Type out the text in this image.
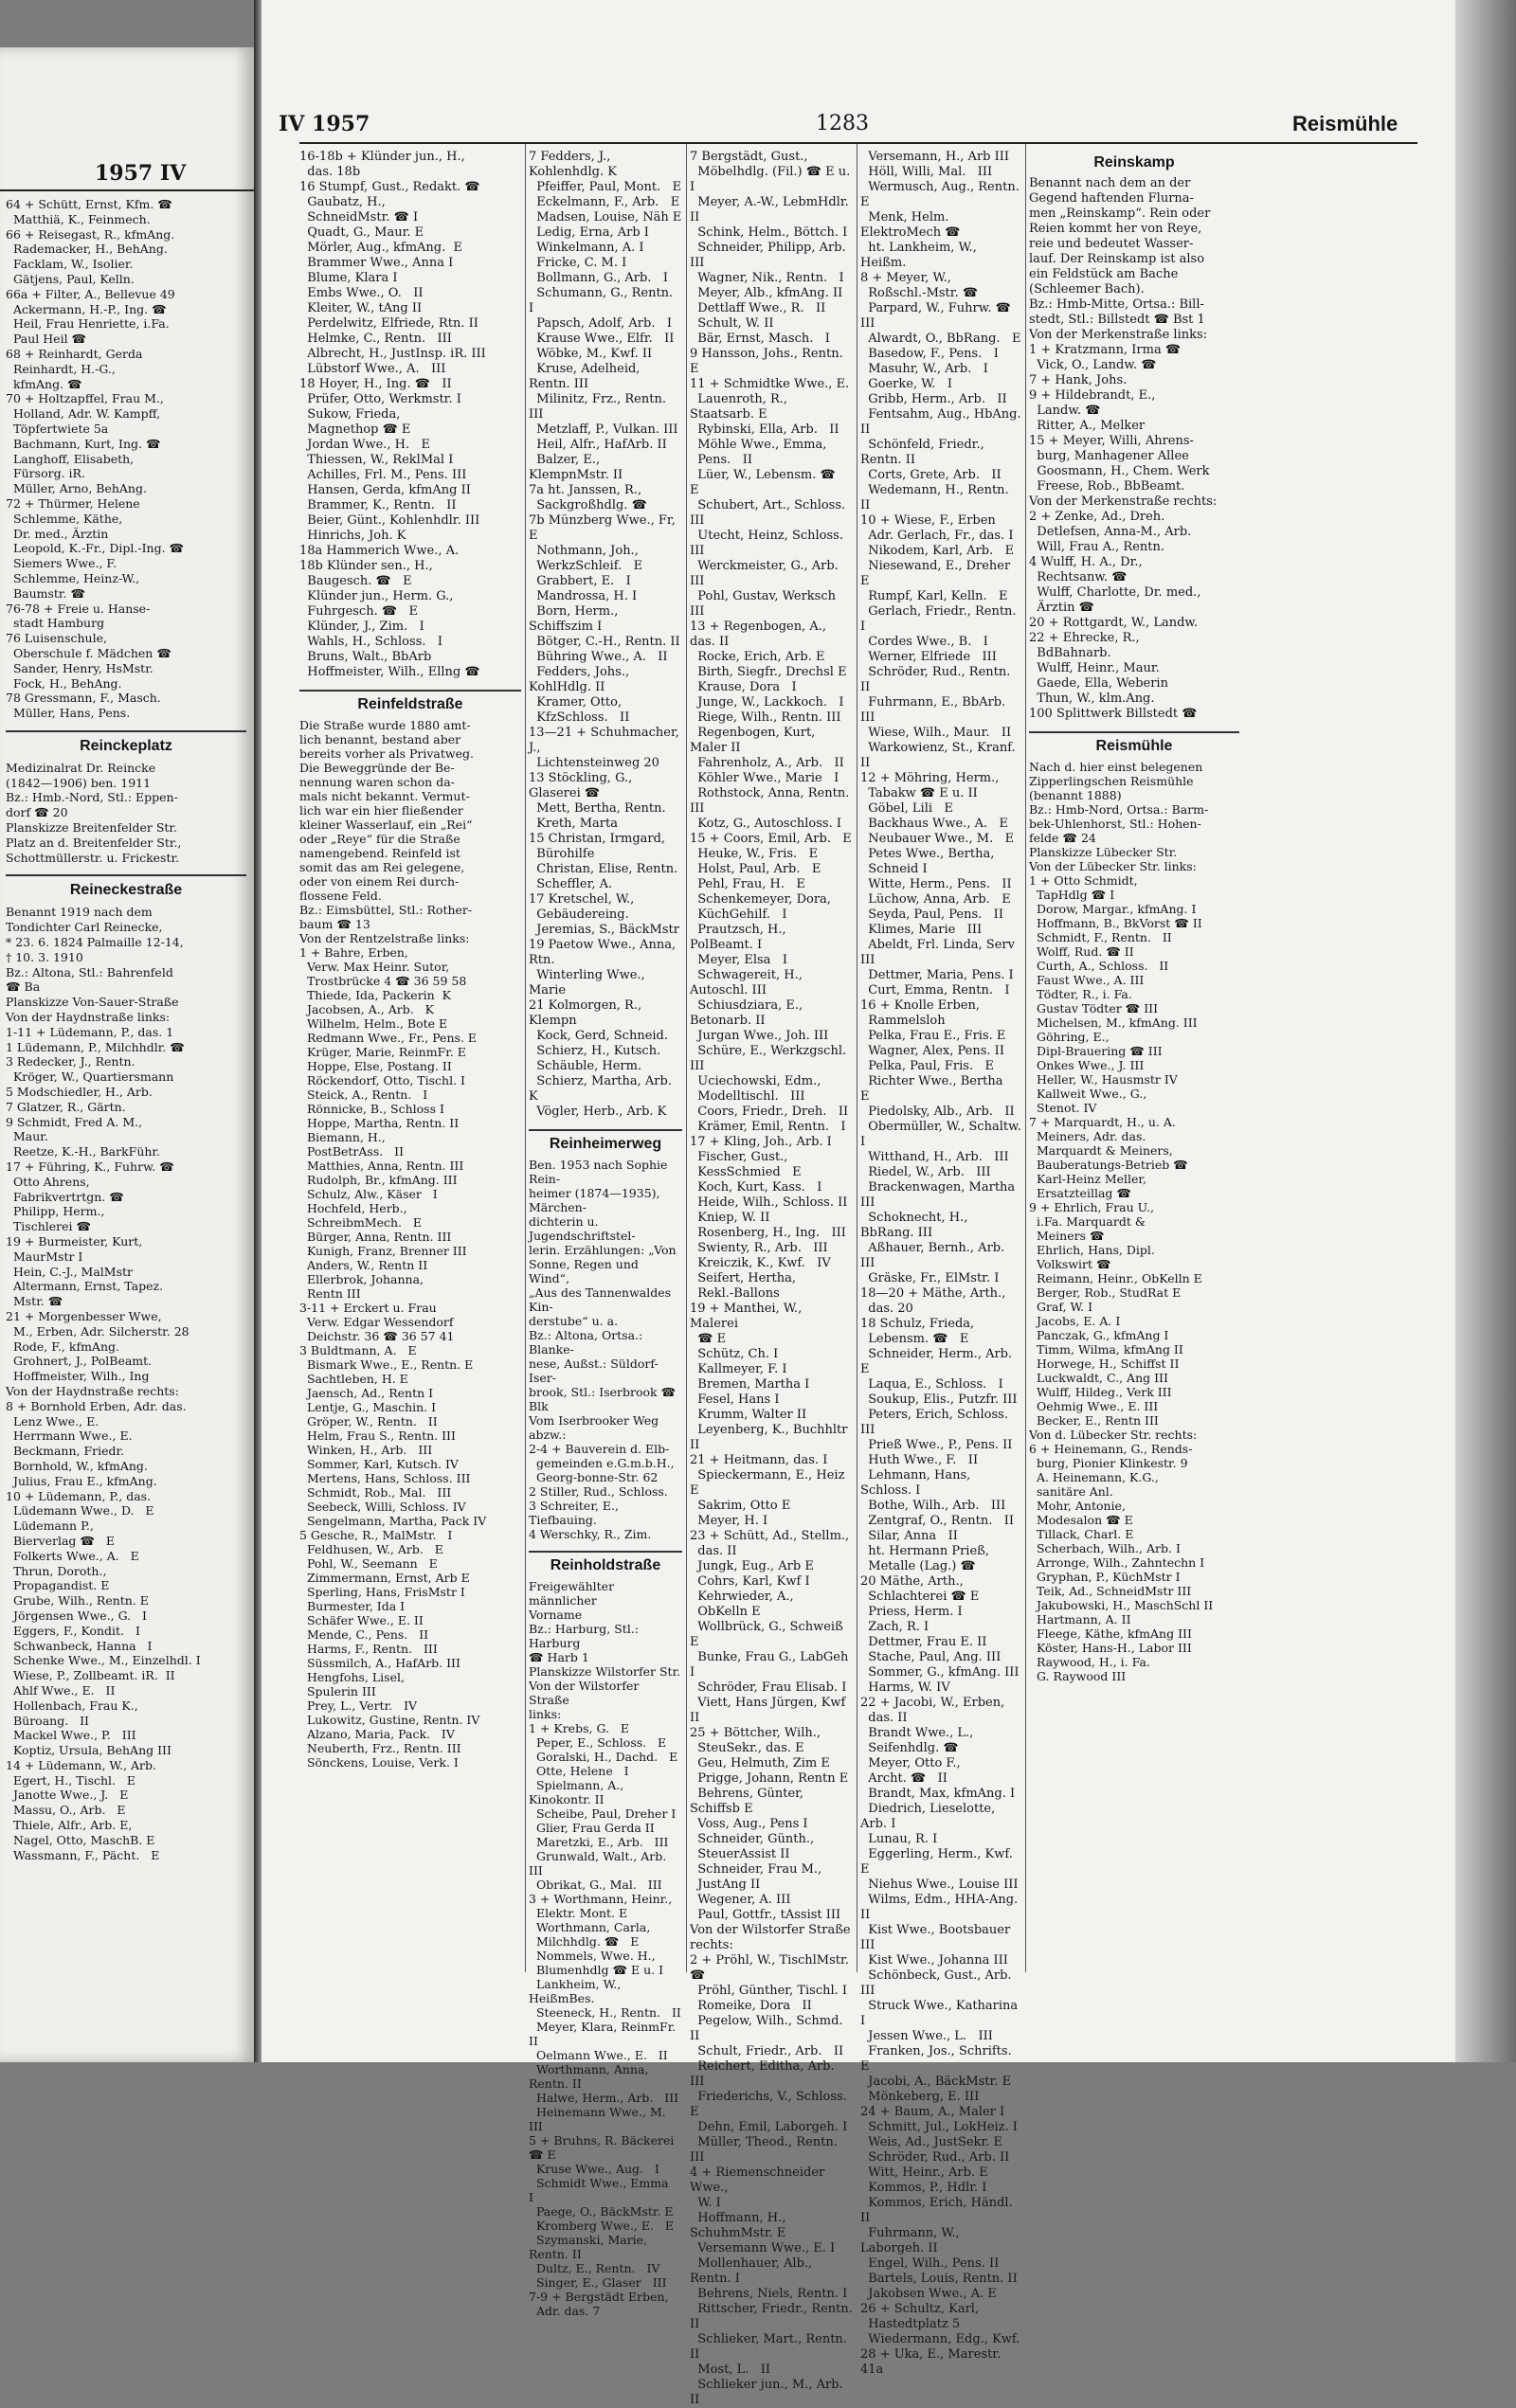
1957 IV
64 + Schütt, Ernst, Kfm. ☎
Matthiä, K., Feinmech.
66 + Reisegast, R., kfmAng.
Rademacker, H., BehAng.
Facklam, W., Isolier.
Gätjens, Paul, Kelln.
66a + Filter, A., Bellevue 49
Ackermann, H.-P., Ing. ☎
Heil, Frau Henriette, i.Fa.
Paul Heil ☎
68 + Reinhardt, Gerda
Reinhardt, H.-G.,
kfmAng. ☎
70 + Holtzapffel, Frau M.,
Holland, Adr. W. Kampff,
Töpfertwiete 5a
Bachmann, Kurt, Ing. ☎
Langhoff, Elisabeth,
Fürsorg. iR.
Müller, Arno, BehAng.
72 + Thürmer, Helene
Schlemme, Käthe,
Dr. med., Ärztin
Leopold, K.-Fr., Dipl.-Ing. ☎
Siemers Wwe., F.
Schlemme, Heinz-W.,
Baumstr. ☎
76-78 + Freie u. Hanse-
stadt Hamburg
76 Luisenschule,
Oberschule f. Mädchen ☎
Sander, Henry, HsMstr.
Fock, H., BehAng.
78 Gressmann, F., Masch.
Müller, Hans, Pens.
Reinckeplatz
Medizinalrat Dr. Reincke
(1842—1906) ben. 1911
Bz.: Hmb.-Nord, Stl.: Eppen-
dorf ☎ 20
Planskizze Breitenfelder Str.
Platz an d. Breitenfelder Str.,
Schottmüllerstr. u. Frickestr.
Reineckestraße
Benannt 1919 nach dem
Tondichter Carl Reinecke,
* 23. 6. 1824 Palmaille 12-14,
† 10. 3. 1910
Bz.: Altona, Stl.: Bahrenfeld
☎ Ba
Planskizze Von-Sauer-Straße
Von der Haydnstraße links:
1-11 + Lüdemann, P., das. 1
1 Lüdemann, P., Milchhdlr. ☎
3 Redecker, J., Rentn.
Kröger, W., Quartiersmann
5 Modschiedler, H., Arb.
7 Glatzer, R., Gärtn.
9 Schmidt, Fred A. M.,
Maur.
Reetze, K.-H., BarkFühr.
17 + Führing, K., Fuhrw. ☎
Otto Ahrens,
Fabrikvertrtgn. ☎
Philipp, Herm.,
Tischlerei ☎
19 + Burmeister, Kurt,
MaurMstr I
Hein, C.-J., MalMstr
Altermann, Ernst, Tapez.
Mstr. ☎
21 + Morgenbesser Wwe,
M., Erben, Adr. Silcherstr. 28
Rode, F., kfmAng.
Grohnert, J., PolBeamt.
Hoffmeister, Wilh., Ing
Von der Haydnstraße rechts:
8 + Bornhold Erben, Adr. das.
Lenz Wwe., E.
Herrmann Wwe., E.
Beckmann, Friedr.
Bornhold, W., kfmAng.
Julius, Frau E., kfmAng.
10 + Lüdemann, P., das.
Lüdemann Wwe., D.   E
Lüdemann P.,
Bierverlag ☎   E
Folkerts Wwe., A.   E
Thrun, Doroth.,
Propagandist. E
Grube, Wilh., Rentn. E
Jörgensen Wwe., G.   I
Eggers, F., Kondit.   I
Schwanbeck, Hanna   I
Schenke Wwe., M., Einzelhdl. I
Wiese, P., Zollbeamt. iR.  II
Ahlf Wwe., E.   II
Hollenbach, Frau K.,
Büroang.   II
Mackel Wwe., P.   III
Koptiz, Ursula, BehAng III
14 + Lüdemann, W., Arb.
Egert, H., Tischl.   E
Janotte Wwe., J.   E
Massu, O., Arb.   E
Thiele, Alfr., Arb. E,
Nagel, Otto, MaschB. E
Wassmann, F., Pächt.   E
IV 1957	1283	Reismühle
16-18b + Klünder jun., H.,
das. 18b
16 Stumpf, Gust., Redakt. ☎
Gaubatz, H.,
SchneidMstr. ☎ I
Quadt, G., Maur. E
Mörler, Aug., kfmAng.  E
Brammer Wwe., Anna I
Blume, Klara I
Embs Wwe., O.   II
Kleiter, W., tAng II
Perdelwitz, Elfriede, Rtn. II
Helmke, C., Rentn.   III
Albrecht, H., JustInsp. iR. III
Lübstorf Wwe., A.   III
18 Hoyer, H., Ing. ☎   II
Prüfer, Otto, Werkmstr. I
Sukow, Frieda,
Magnethop ☎ E
Jordan Wwe., H.   E
Thiessen, W., ReklMal I
Achilles, Frl. M., Pens. III
Hansen, Gerda, kfmAng II
Brammer, K., Rentn.   II
Beier, Günt., Kohlenhdlr. III
Hinrichs, Joh. K
18a Hammerich Wwe., A.
18b Klünder sen., H.,
Baugesch. ☎   E
Klünder jun., Herm. G.,
Fuhrgesch. ☎   E
Klünder, J., Zim.   I
Wahls, H., Schloss.   I
Bruns, Walt., BbArb
Hoffmeister, Wilh., Ellng ☎
Reinfeldstraße
Die Straße wurde 1880 amt-
lich benannt, bestand aber
bereits vorher als Privatweg.
Die Beweggründe der Be-
nennung waren schon da-
mals nicht bekannt. Vermut-
lich war ein hier fließender
kleiner Wasserlauf, ein „Rei“
oder „Reye“ für die Straße
namengebend. Reinfeld ist
somit das am Rei gelegene,
oder von einem Rei durch-
flossene Feld.
Bz.: Eimsbüttel, Stl.: Rother-
baum ☎ 13
Von der Rentzelstraße links:
1 + Bahre, Erben,
Verw. Max Heinr. Sutor,
Trostbrücke 4 ☎ 36 59 58
Thiede, Ida, Packerin  K
Jacobsen, A., Arb.   K
Wilhelm, Helm., Bote E
Redmann Wwe., Fr., Pens. E
Krüger, Marie, ReinmFr. E
Hoppe, Else, Postang. II
Röckendorf, Otto, Tischl. I
Steick, A., Rentn.   I
Rönnicke, B., Schloss I
Hoppe, Martha, Rentn. II
Biemann, H.,
PostBetrAss.   II
Matthies, Anna, Rentn. III
Rudolph, Br., kfmAng. III
Schulz, Alw., Käser   I
Hochfeld, Herb.,
SchreibmMech.   E
Bürger, Anna, Rentn. III
Kunigh, Franz, Brenner III
Anders, W., Rentn II
Ellerbrok, Johanna,
Rentn III
3-11 + Erckert u. Frau
Verw. Edgar Wessendorf
Deichstr. 36 ☎ 36 57 41
3 Buldtmann, A.   E
Bismark Wwe., E., Rentn. E
Sachtleben, H. E
Jaensch, Ad., Rentn I
Lentje, G., Maschin. I
Gröper, W., Rentn.   II
Helm, Frau S., Rentn. III
Winken, H., Arb.   III
Sommer, Karl, Kutsch. IV
Mertens, Hans, Schloss. III
Schmidt, Rob., Mal.   III
Seebeck, Willi, Schloss. IV
Sengelmann, Martha, Pack IV
5 Gesche, R., MalMstr.   I
Feldhusen, W., Arb.   E
Pohl, W., Seemann   E
Zimmermann, Ernst, Arb E
Sperling, Hans, FrisMstr I
Burmester, Ida I
Schäfer Wwe., E. II
Mende, C., Pens.   II
Harms, F., Rentn.   III
Süssmilch, A., HafArb. III
Hengfohs, Lisel,
Spulerin III
Prey, L., Vertr.   IV
Lukowitz, Gustine, Rentn. IV
Alzano, Maria, Pack.   IV
Neuberth, Frz., Rentn. III
Sönckens, Louise, Verk. I
7 Fedders, J., Kohlenhdlg. K
Pfeiffer, Paul, Mont.   E
Eckelmann, F., Arb.   E
Madsen, Louise, Näh E
Ledig, Erna, Arb I
Winkelmann, A. I
Fricke, C. M. I
Bollmann, G., Arb.   I
Schumann, G., Rentn.   I
Papsch, Adolf, Arb.   I
Krause Wwe., Elfr.   II
Wöbke, M., Kwf. II
Kruse, Adelheid, Rentn. III
Milinitz, Frz., Rentn. III
Metzlaff, P., Vulkan. III
Heil, Alfr., HafArb. II
Balzer, E., KlempnMstr. II
7a ht. Janssen, R.,
Sackgroßhdlg. ☎
7b Münzberg Wwe., Fr, E
Nothmann, Joh.,
WerkzSchleif.   E
Grabbert, E.   I
Mandrossa, H. I
Born, Herm., Schiffszim I
Bötger, C.-H., Rentn. II
Bühring Wwe., A.   II
Fedders, Johs., KohlHdlg. II
Kramer, Otto,
KfzSchloss.   II
13—21 + Schuhmacher, J.,
Lichtensteinweg 20
13 Stöckling, G., Glaserei ☎
Mett, Bertha, Rentn.
Kreth, Marta
15 Christan, Irmgard,
Bürohilfe
Christan, Elise, Rentn.
Scheffler, A.
17 Kretschel, W.,
Gebäudereing.
Jeremias, S., BäckMstr
19 Paetow Wwe., Anna, Rtn.
Winterling Wwe., Marie
21 Kolmorgen, R., Klempn
Kock, Gerd, Schneid.
Schierz, H., Kutsch.
Schäuble, Herm.
Schierz, Martha, Arb. K
Vögler, Herb., Arb. K
Reinheimerweg
Ben. 1953 nach Sophie Rein-
heimer (1874—1935), Märchen-
dichterin u. Jugendschriftstel-
lerin. Erzählungen: „Von
Sonne, Regen und Wind“,
„Aus des Tannenwaldes Kin-
derstube“ u. a.
Bz.: Altona, Ortsa.: Blanke-
nese, Außst.: Süldorf-Iser-
brook, Stl.: Iserbrook ☎ Blk
Vom Iserbrooker Weg abzw.:
2-4 + Bauverein d. Elb-
gemeinden e.G.m.b.H.,
Georg-bonne-Str. 62
2 Stiller, Rud., Schloss.
3 Schreiter, E., Tiefbauing.
4 Werschky, R., Zim.
Reinholdstraße
Freigewählter männlicher
Vorname
Bz.: Harburg, Stl.: Harburg
☎ Harb 1
Planskizze Wilstorfer Str.
Von der Wilstorfer Straße
links:
1 + Krebs, G.   E
Peper, E., Schloss.   E
Goralski, H., Dachd.   E
Otte, Helene   I
Spielmann, A., Kinokontr. II
Scheibe, Paul, Dreher I
Glier, Frau Gerda II
Maretzki, E., Arb.   III
Grunwald, Walt., Arb. III
Obrikat, G., Mal.   III
3 + Worthmann, Heinr.,
Elektr. Mont. E
Worthmann, Carla,
Milchhdlg. ☎   E
Nommels, Wwe. H.,
Blumenhdlg ☎ E u. I
Lankheim, W., HeißmBes.
Steeneck, H., Rentn.   II
Meyer, Klara, ReinmFr. II
Oelmann Wwe., E.   II
Worthmann, Anna, Rentn. II
Halwe, Herm., Arb.   III
Heinemann Wwe., M. III
5 + Bruhns, R. Bäckerei ☎ E
Kruse Wwe., Aug.   I
Schmidt Wwe., Emma   I
Paege, O., BäckMstr. E
Kromberg Wwe., E.   E
Szymanski, Marie, Rentn. II
Dultz, E., Rentn.   IV
Singer, E., Glaser   III
7-9 + Bergstädt Erben,
Adr. das. 7
7 Bergstädt, Gust.,
Möbelhdlg. (Fil.) ☎ E u. I
Meyer, A.-W., LebmHdlr. II
Schink, Helm., Böttch. I
Schneider, Philipp, Arb. III
Wagner, Nik., Rentn.   I
Meyer, Alb., kfmAng. II
Dettlaff Wwe., R.   II
Schult, W. II
Bär, Ernst, Masch.   I
9 Hansson, Johs., Rentn. E
11 + Schmidtke Wwe., E.
Lauenroth, R., Staatsarb. E
Rybinski, Ella, Arb.   II
Möhle Wwe., Emma,
Pens.   II
Lüer, W., Lebensm. ☎   E
Schubert, Art., Schloss. III
Utecht, Heinz, Schloss. III
Werckmeister, G., Arb. III
Pohl, Gustav, Werksch III
13 + Regenbogen, A., das. II
Rocke, Erich, Arb. E
Birth, Siegfr., Drechsl E
Krause, Dora   I
Junge, W., Lackkoch.   I
Riege, Wilh., Rentn. III
Regenbogen, Kurt, Maler II
Fahrenholz, A., Arb.   II
Köhler Wwe., Marie   I
Rothstock, Anna, Rentn. III
Kotz, G., Autoschloss. I
15 + Coors, Emil, Arb.   E
Heuke, W., Fris.   E
Holst, Paul, Arb.   E
Pehl, Frau, H.   E
Schenkemeyer, Dora,
KüchGehilf.   I
Prautzsch, H., PolBeamt. I
Meyer, Elsa   I
Schwagereit, H., Autoschl. III
Schiusdziara, E., Betonarb. II
Jurgan Wwe., Joh. III
Schüre, E., Werkzgschl. III
Uciechowski, Edm.,
Modelltischl.   III
Coors, Friedr., Dreh.   II
Krämer, Emil, Rentn.   I
17 + Kling, Joh., Arb. I
Fischer, Gust.,
KessSchmied   E
Koch, Kurt, Kass.   I
Heide, Wilh., Schloss. II
Kniep, W. II
Rosenberg, H., Ing.   III
Swienty, R., Arb.   III
Kreiczik, K., Kwf.   IV
Seifert, Hertha,
Rekl.-Ballons
19 + Manthei, W., Malerei
☎ E
Schütz, Ch. I
Kallmeyer, F. I
Bremen, Martha I
Fesel, Hans I
Krumm, Walter II
Leyenberg, K., Buchhltr II
21 + Heitmann, das. I
Spieckermann, E., Heiz E
Sakrim, Otto E
Meyer, H. I
23 + Schütt, Ad., Stellm.,
das. II
Jungk, Eug., Arb E
Cohrs, Karl, Kwf I
Kehrwieder, A.,
ObKelln E
Wollbrück, G., Schweiß E
Bunke, Frau G., LabGeh I
Schröder, Frau Elisab. I
Viett, Hans Jürgen, Kwf II
25 + Böttcher, Wilh.,
SteuSekr., das. E
Geu, Helmuth, Zim E
Prigge, Johann, Rentn E
Behrens, Günter, Schiffsb E
Voss, Aug., Pens I
Schneider, Günth.,
SteuerAssist II
Schneider, Frau M.,
JustAng II
Wegener, A. III
Paul, Gottfr., tAssist III
Von der Wilstorfer Straße
rechts:
2 + Pröhl, W., TischlMstr. ☎
Pröhl, Günther, Tischl. I
Romeike, Dora   II
Pegelow, Wilh., Schmd. II
Schult, Friedr., Arb.   II
Reichert, Editha, Arb. III
Friederichs, V., Schloss. E
Dehn, Emil, Laborgeh. I
Müller, Theod., Rentn. III
4 + Riemenschneider Wwe.,
W. I
Hoffmann, H., SchuhmMstr. E
Versemann Wwe., E. I
Mollenhauer, Alb., Rentn. I
Behrens, Niels, Rentn. I
Rittscher, Friedr., Rentn. II
Schlieker, Mart., Rentn. II
Most, L.   II
Schlieker jun., M., Arb. II
Versemann, H., Arb III
Höll, Willi, Mal.   III
Wermusch, Aug., Rentn. E
Menk, Helm. ElektroMech ☎
ht. Lankheim, W., Heißm.
8 + Meyer, W.,
Roßschl.-Mstr. ☎
Parpard, W., Fuhrw. ☎ III
Alwardt, O., BbRang.   E
Basedow, F., Pens.   I
Masuhr, W., Arb.   I
Goerke, W.   I
Gribb, Herm., Arb.   II
Fentsahm, Aug., HbAng. II
Schönfeld, Friedr., Rentn. II
Corts, Grete, Arb.   II
Wedemann, H., Rentn.   II
10 + Wiese, F., Erben
Adr. Gerlach, Fr., das. I
Nikodem, Karl, Arb.   E
Niesewand, E., Dreher E
Rumpf, Karl, Kelln.   E
Gerlach, Friedr., Rentn. I
Cordes Wwe., B.   I
Werner, Elfriede   III
Schröder, Rud., Rentn. II
Fuhrmann, E., BbArb. III
Wiese, Wilh., Maur.   II
Warkowienz, St., Kranf. II
12 + Möhring, Herm.,
Tabakw ☎ E u. II
Göbel, Lili   E
Backhaus Wwe., A.   E
Neubauer Wwe., M.   E
Petes Wwe., Bertha,
Schneid I
Witte, Herm., Pens.   II
Lüchow, Anna, Arb.   E
Seyda, Paul, Pens.   II
Klimes, Marie   III
Abeldt, Frl. Linda, Serv III
Dettmer, Maria, Pens. I
Curt, Emma, Rentn.   I
16 + Knolle Erben,
Rammelsloh
Pelka, Frau E., Fris. E
Wagner, Alex, Pens. II
Pelka, Paul, Fris.   E
Richter Wwe., Bertha   E
Piedolsky, Alb., Arb.   II
Obermüller, W., Schaltw. I
Witthand, H., Arb.   III
Riedel, W., Arb.   III
Brackenwagen, Martha   III
Schoknecht, H., BbRang. III
Aßhauer, Bernh., Arb. III
Gräske, Fr., ElMstr. I
18—20 + Mäthe, Arth.,
das. 20
18 Schulz, Frieda,
Lebensm. ☎   E
Schneider, Herm., Arb. E
Laqua, E., Schloss.   I
Soukup, Elis., Putzfr. III
Peters, Erich, Schloss. III
Prieß Wwe., P., Pens. II
Huth Wwe., F.   II
Lehmann, Hans, Schloss. I
Bothe, Wilh., Arb.   III
Zentgraf, O., Rentn.   II
Silar, Anna   II
ht. Hermann Prieß,
Metalle (Lag.) ☎
20 Mäthe, Arth.,
Schlachterei ☎ E
Priess, Herm. I
Zach, R. I
Dettmer, Frau E. II
Stache, Paul, Ang. III
Sommer, G., kfmAng. III
Harms, W. IV
22 + Jacobi, W., Erben,
das. II
Brandt Wwe., L.,
Seifenhdlg. ☎
Meyer, Otto F.,
Archt. ☎   II
Brandt, Max, kfmAng. I
Diedrich, Lieselotte, Arb. I
Lunau, R. I
Eggerling, Herm., Kwf. E
Niehus Wwe., Louise III
Wilms, Edm., HHA-Ang. II
Kist Wwe., Bootsbauer III
Kist Wwe., Johanna III
Schönbeck, Gust., Arb. III
Struck Wwe., Katharina I
Jessen Wwe., L.   III
Franken, Jos., Schrifts. E
Jacobi, A., BäckMstr. E
Mönkeberg, E. III
24 + Baum, A., Maler I
Schmitt, Jul., LokHeiz. I
Weis, Ad., JustSekr. E
Schröder, Rud., Arb. II
Witt, Heinr., Arb. E
Kommos, P., Hdlr. I
Kommos, Erich, Händl. II
Fuhrmann, W., Laborgeh. II
Engel, Wilh., Pens. II
Bartels, Louis, Rentn. II
Jakobsen Wwe., A. E
26 + Schultz, Karl,
Hastedtplatz 5
Wiedermann, Edg., Kwf.
28 + Uka, E., Marestr. 41a
Reinskamp
Benannt nach dem an der
Gegend haftenden Flurna-
men „Reinskamp“. Rein oder
Reien kommt her von Reye,
reie und bedeutet Wasser-
lauf. Der Reinskamp ist also
ein Feldstück am Bache
(Schleemer Bach).
Bz.: Hmb-Mitte, Ortsa.: Bill-
stedt, Stl.: Billstedt ☎ Bst 1
Von der Merkenstraße links:
1 + Kratzmann, Irma ☎
Vick, O., Landw. ☎
7 + Hank, Johs.
9 + Hildebrandt, E.,
Landw. ☎
Ritter, A., Melker
15 + Meyer, Willi, Ahrens-
burg, Manhagener Allee
Goosmann, H., Chem. Werk
Freese, Rob., BbBeamt.
Von der Merkenstraße rechts:
2 + Zenke, Ad., Dreh.
Detlefsen, Anna-M., Arb.
Will, Frau A., Rentn.
4 Wulff, H. A., Dr.,
Rechtsanw. ☎
Wulff, Charlotte, Dr. med.,
Ärztin ☎
20 + Rottgardt, W., Landw.
22 + Ehrecke, R.,
BdBahnarb.
Wulff, Heinr., Maur.
Gaede, Ella, Weberin
Thun, W., klm.Ang.
100 Splittwerk Billstedt ☎
Reismühle
Nach d. hier einst belegenen
Zipperlingschen Reismühle
(benannt 1888)
Bz.: Hmb-Nord, Ortsa.: Barm-
bek-Uhlenhorst, Stl.: Hohen-
felde ☎ 24
Planskizze Lübecker Str.
Von der Lübecker Str. links:
1 + Otto Schmidt,
TapHdlg ☎ I
Dorow, Margar., kfmAng. I
Hoffmann, B., BkVorst ☎ II
Schmidt, F., Rentn.   II
Wolff, Rud. ☎ II
Curth, A., Schloss.   II
Faust Wwe., A. III
Tödter, R., i. Fa.
Gustav Tödter ☎ III
Michelsen, M., kfmAng. III
Göhring, E.,
Dipl-Brauering ☎ III
Onkes Wwe., J. III
Heller, W., Hausmstr IV
Kallweit Wwe., G.,
Stenot. IV
7 + Marquardt, H., u. A.
Meiners, Adr. das.
Marquardt & Meiners,
Bauberatungs-Betrieb ☎
Karl-Heinz Meller,
Ersatzteillag ☎
9 + Ehrlich, Frau U.,
i.Fa. Marquardt &
Meiners ☎
Ehrlich, Hans, Dipl.
Volkswirt ☎
Reimann, Heinr., ObKelln E
Berger, Rob., StudRat E
Graf, W. I
Jacobs, E. A. I
Panczak, G., kfmAng I
Timm, Wilma, kfmAng II
Horwege, H., Schiffst II
Luckwaldt, C., Ang III
Wulff, Hildeg., Verk III
Oehmig Wwe., E. III
Becker, E., Rentn III
Von d. Lübecker Str. rechts:
6 + Heinemann, G., Rends-
burg, Pionier Klinkestr. 9
A. Heinemann, K.G.,
sanitäre Anl.
Mohr, Antonie,
Modesalon ☎ E
Tillack, Charl. E
Scherbach, Wilh., Arb. I
Arronge, Wilh., Zahntechn I
Gryphan, P., KüchMstr I
Teik, Ad., SchneidMstr III
Jakubowski, H., MaschSchl II
Hartmann, A. II
Fleege, Käthe, kfmAng III
Köster, Hans-H., Labor III
Raywood, H., i. Fa.
G. Raywood III
